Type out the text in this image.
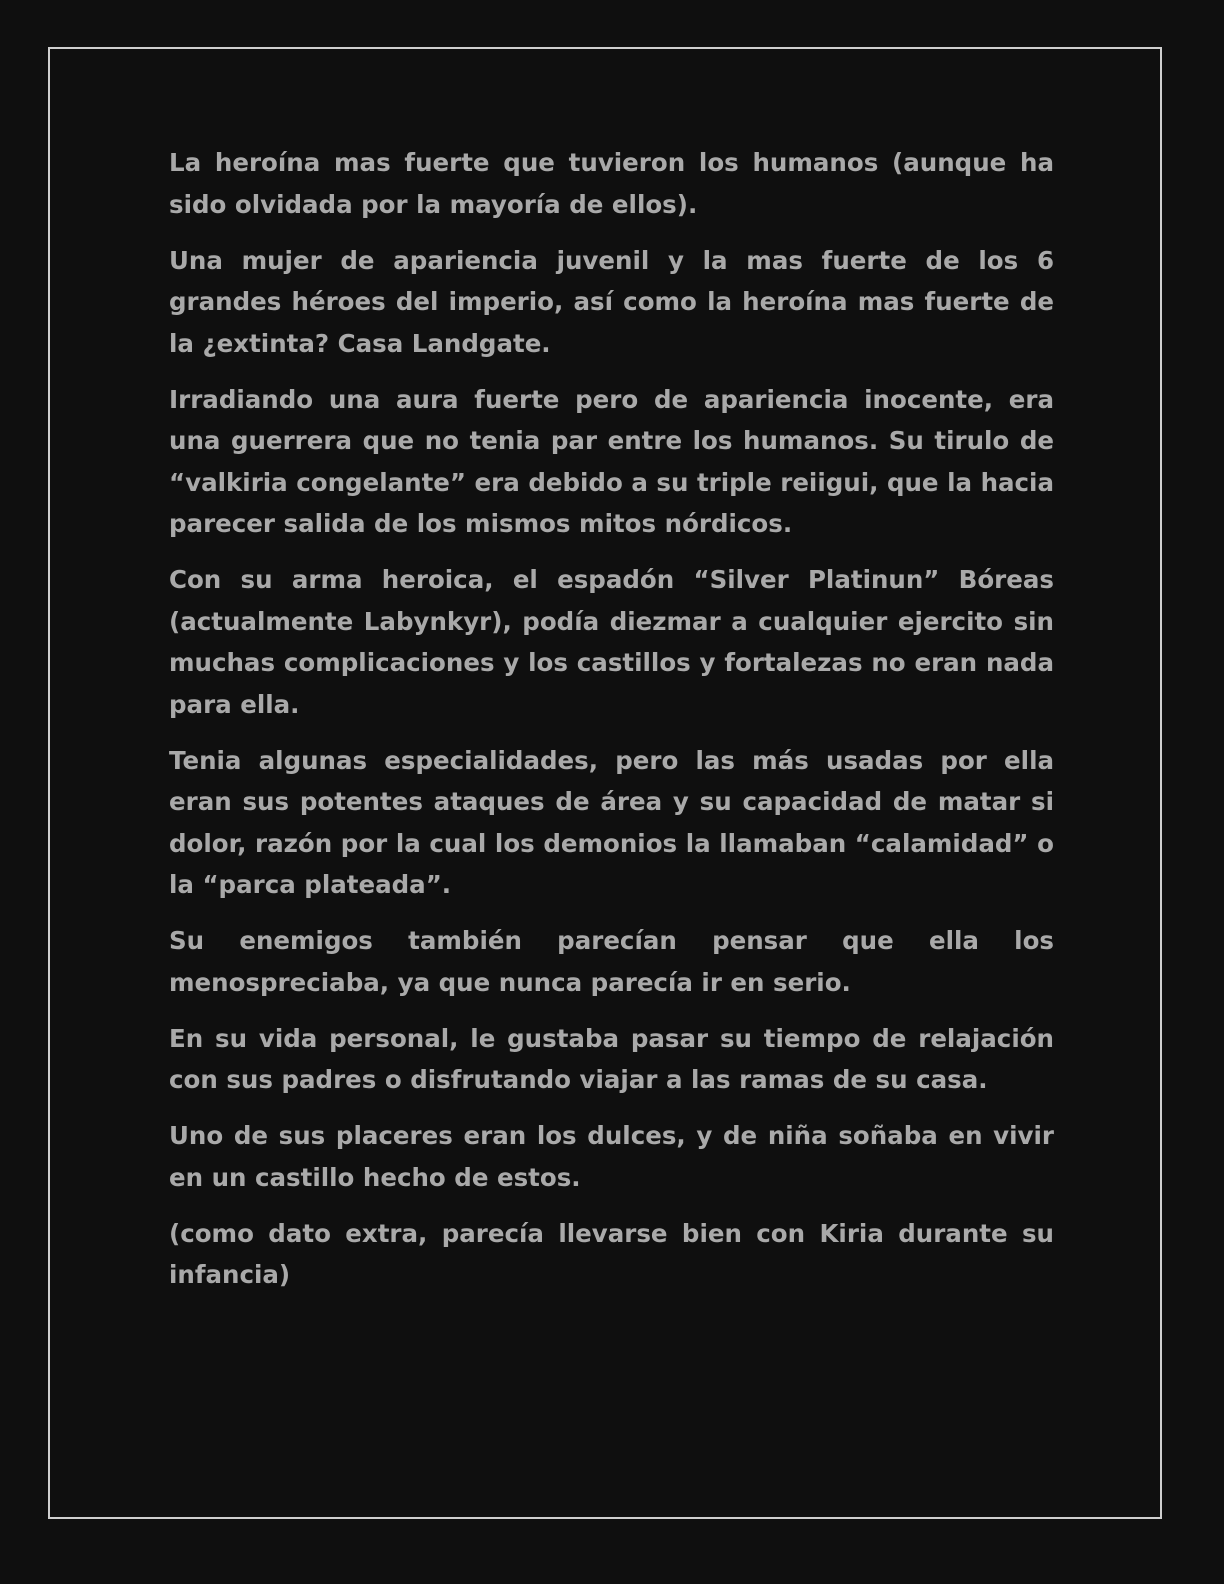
La heroína mas fuerte que tuvieron los humanos (aunque ha sido olvidada por la mayoría de ellos).

Una mujer de apariencia juvenil y la mas fuerte de los 6 grandes héroes del imperio, así como la heroína mas fuerte de la ¿extinta? Casa Landgate.

Irradiando una aura fuerte pero de apariencia inocente, era una guerrera que no tenia par entre los humanos. Su tirulo de “valkiria congelante” era debido a su triple reiigui, que la hacia parecer salida de los mismos mitos nórdicos.

Con su arma heroica, el espadón “Silver Platinun” Bóreas (actualmente Labynkyr), podía diezmar a cualquier ejercito sin muchas complicaciones y los castillos y fortalezas no eran nada para ella.

Tenia algunas especialidades, pero las más usadas por ella eran sus potentes ataques de área y su capacidad de matar si dolor, razón por la cual los demonios la llamaban “calamidad” o la “parca plateada”.

Su enemigos también parecían pensar que ella los menospreciaba, ya que nunca parecía ir en serio.

En su vida personal, le gustaba pasar su tiempo de relajación con sus padres o disfrutando viajar a las ramas de su casa.

Uno de sus placeres eran los dulces, y de niña soñaba en vivir en un castillo hecho de estos.

(como dato extra, parecía llevarse bien con Kiria durante su infancia)
